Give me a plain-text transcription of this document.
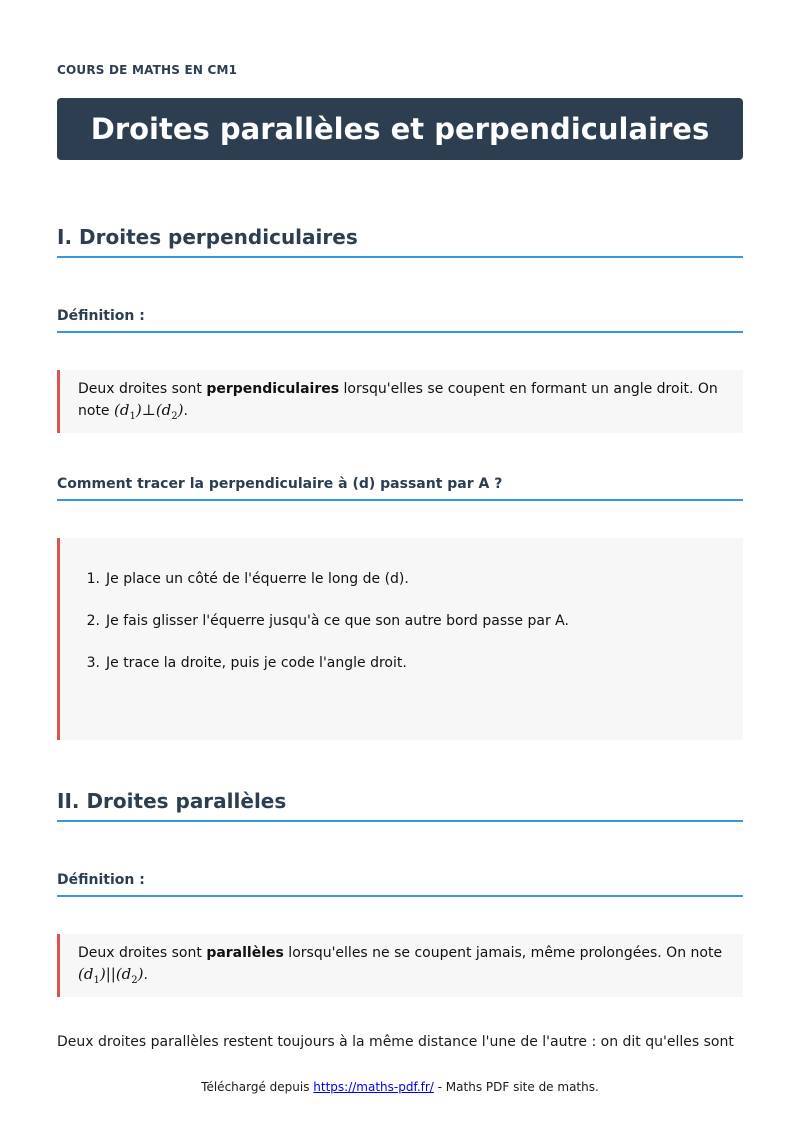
COURS DE MATHS EN CM1
Droites parallèles et perpendiculaires
I. Droites perpendiculaires
Définition :

Deux droites sont perpendiculaires lorsqu'elles se coupent en formant un angle droit. On note $(d_1)\perp(d_2)$.

Comment tracer la perpendiculaire à (d) passant par A ?
1. Je place un côté de l'équerre le long de (d).
2. Je fais glisser l'équerre jusqu'à ce que son autre bord passe par A.
3. Je trace la droite, puis je code l'angle droit.
II. Droites parallèles
Définition :

Deux droites sont parallèles lorsqu'elles ne se coupent jamais, même prolongées. On note
$(d_1)||(d_2)$.

Deux droites parallèles restent toujours à la même distance l'une de l'autre : on dit qu'elles sont
Téléchargé depuis https://maths-pdf.fr/ - Maths PDF site de maths.
